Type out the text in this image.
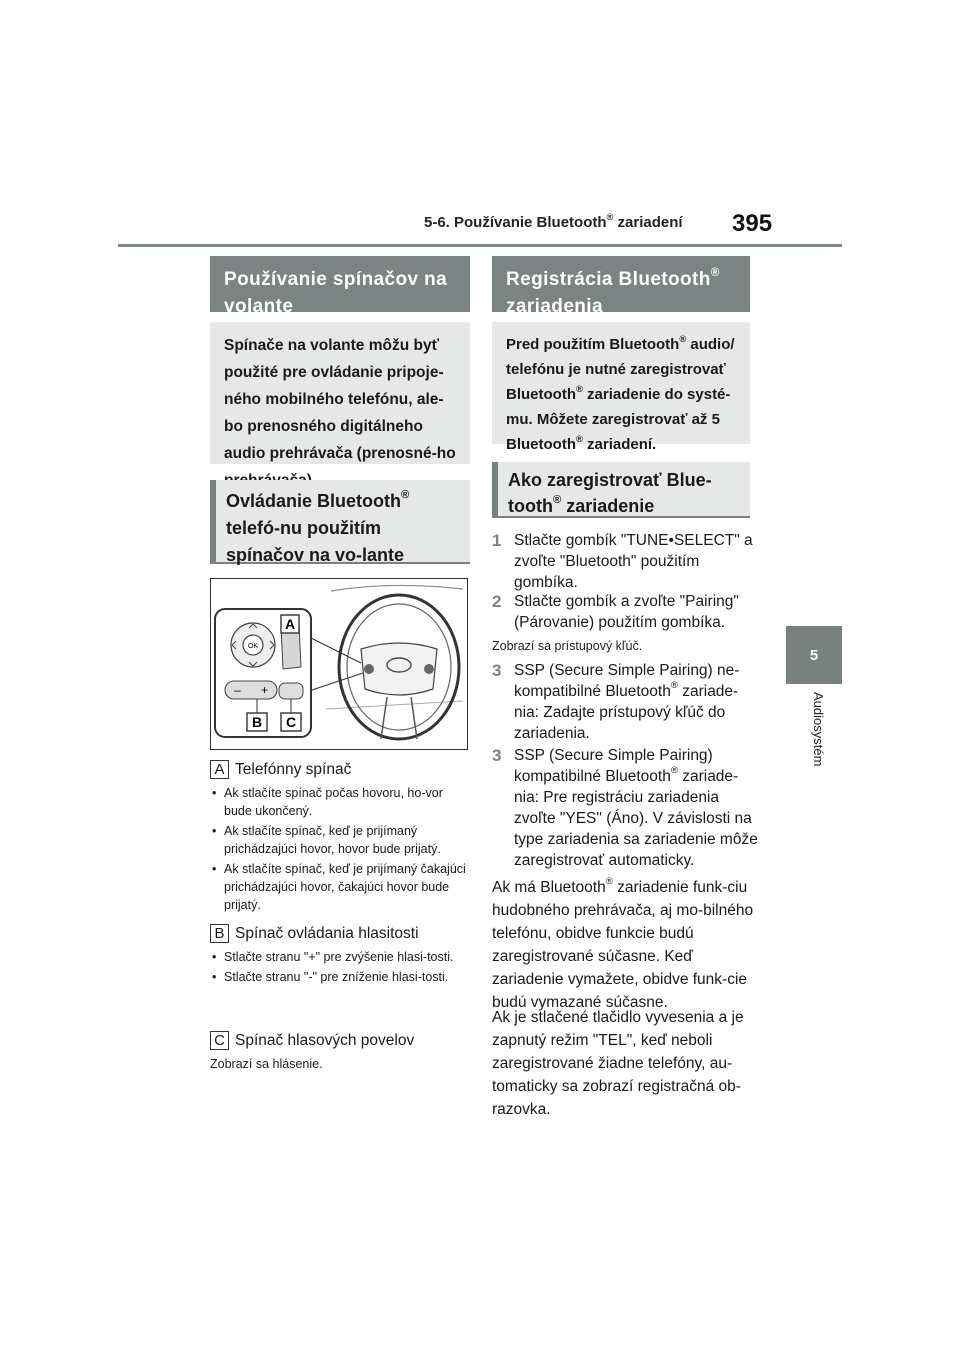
5-6. Používanie Bluetooth® zariadení 395
5
Audiosystém
Používanie spínačov na volante
Spínače na volante môžu byť použité pre ovládanie pripoje-ného mobilného telefónu, ale-bo prenosného digitálneho audio prehrávača (prenosné-ho
Ovládanie Bluetooth® telefó-nu použitím spínačov na vo-lante
OK
– +
A
B C
A Telefónny spínač
• Ak stlačíte spínač počas hovoru, ho-vor bude ukončený.
• Ak stlačíte spínač, keď je prijímaný prichádzajúci hovor, hovor bude prijatý.
• Ak stlačíte spínač, keď je prijímaný čakajúci prichádzajúci hovor, čakajúci hovor bude prijatý.
B Spínač ovládania hlasitosti
• Stlačte stranu "+" pre zvýšenie hlasi-tosti.
• Stlačte stranu "-" pre zníženie hlasi-tosti.
C Spínač hlasových povelov
Zobrazí sa hlásenie.
Registrácia Bluetooth®
zariadenia
Pred použitím Bluetooth® audio/
telefónu je nutné zaregistrovať
Bluetooth® zariadenie do systé-
mu. Môžete zaregistrovať až 5
Bluetooth® zariadení.
Ako zaregistrovať Blue-
tooth® zariadenie
1 Stlačte gombík "TUNE•SELECT" a zvoľte "Bluetooth" použitím gombíka.
2 Stlačte gombík a zvoľte "Pairing" (Párovanie) použitím gombíka.
Zobrazí sa prístupový kľúč.
3 SSP (Secure Simple Pairing) ne-kompatibilné Bluetooth® zariade-nia: Zadajte prístupový kľúč do zariadenia.
3 SSP (Secure Simple Pairing) kompatibilné Bluetooth® zariade-nia: Pre registráciu zariadenia zvoľte "YES" (Áno). V závislosti na type zariadenia sa zariadenie môže zaregistrovať automaticky.
Ak má Bluetooth® zariadenie funk-ciu hudobného prehrávača, aj mo-bilného telefónu, obidve funkcie budú zaregistrované súčasne. Keď zariadenie vymažete, obidve funk-cie budú vymazané súčasne.
Ak je stlačené tlačidlo vyvesenia a je zapnutý režim "TEL", keď neboli zaregistrované žiadne telefóny, au-tomaticky sa zobrazí registračná ob-razovka.
